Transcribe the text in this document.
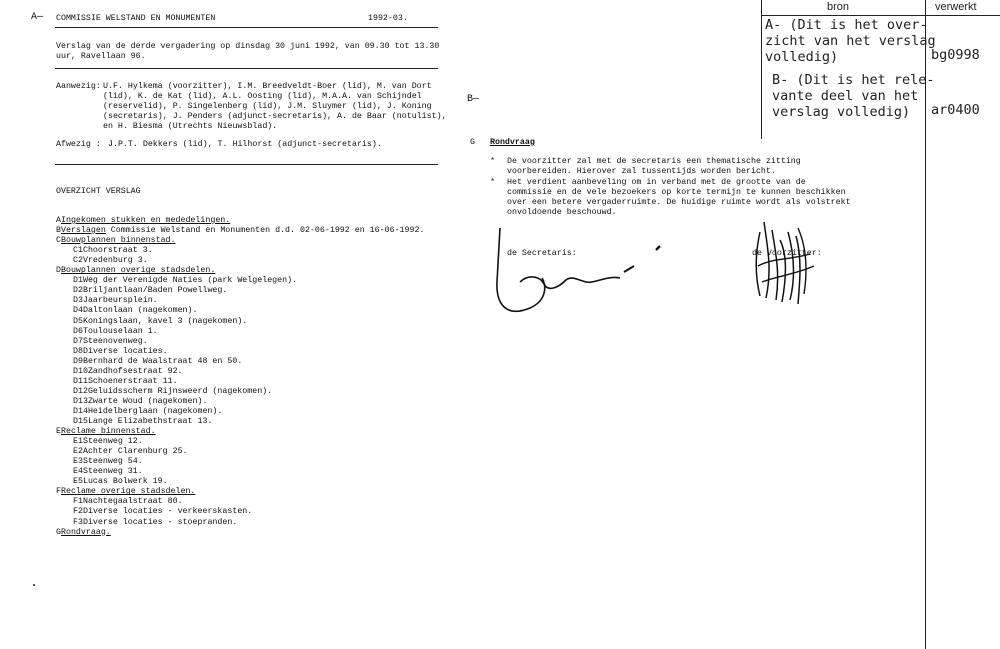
A—
B—
COMMISSIE WELSTAND EN MONUMENTEN	1992-03.
Verslag van de derde vergadering op dinsdag 30 juni 1992, van 09.30 tot 13.30
uur, Ravellaan 96.
Aanwezig: U.F. Hylkema (voorzitter), I.M. Breedveldt-Boer (lid), M. van Dort
(lid), K. de Kat (lid), A.L. Oosting (lid), M.A.A. van Schijndel
(reservelid), P. Singelenberg (lid), J.M. Sluymer (lid), J. Koning
(secretaris), J. Penders (adjunct-secretaris), A. de Baar (notulist),
en H. Biesma (Utrechts Nieuwsblad).
Afwezig : J.P.T. Dekkers (lid), T. Hilhorst (adjunct-secretaris).
OVERZICHT VERSLAG
AIngekomen stukken en mededelingen.
BVerslagen Commissie Welstand en Monumenten d.d. 02-06-1992 en 16-06-1992.
CBouwplannen binnenstad.
C1Choorstraat 3.
C2Vredenburg 3.
DBouwplannen overige stadsdelen.
D1Weg der Verenigde Naties (park Welgelegen).
D2Briljantlaan/Baden Powellweg.
D3Jaarbeursplein.
D4Daltonlaan (nagekomen).
D5Koningslaan, kavel 3 (nagekomen).
D6Toulouselaan 1.
D7Steenovenweg.
D8Diverse locaties.
D9Bernhard de Waalstraat 48 en 50.
D10Zandhofsestraat 92.
D11Schoenerstraat 11.
D12Geluidsscherm Rijnsweerd (nagekomen).
D13Zwarte Woud (nagekomen).
D14Heidelberglaan (nagekomen).
D15Lange Elizabethstraat 13.
EReclame binnenstad.
E1Steenweg 12.
E2Achter Clarenburg 25.
E3Steenweg 54.
E4Steenweg 31.
E5Lucas Bolwerk 19.
FReclame overige stadsdelen.
F1Nachtegaalstraat 80.
F2Diverse locaties - verkeerskasten.
F3Diverse locaties - stoepranden.
GRondvraag.
G Rondvraag
* De voorzitter zal met de secretaris een thematische zitting
voorbereiden. Hierover zal tussentijds worden bericht.
* Het verdient aanbeveling om in verband met de grootte van de
commissie en de vele bezoekers op korte termijn te kunnen beschikken
over een betere vergaderruimte. De huidige ruimte wordt als volstrekt
onvoldoende beschouwd.
de Secretaris:	de Voorzitter:
bron	verwerkt
A- (Dit is het over-
zicht van het verslag
volledig)	bg0998
B- (Dit is het rele-
vante deel van het
verslag volledig)	ar0400
